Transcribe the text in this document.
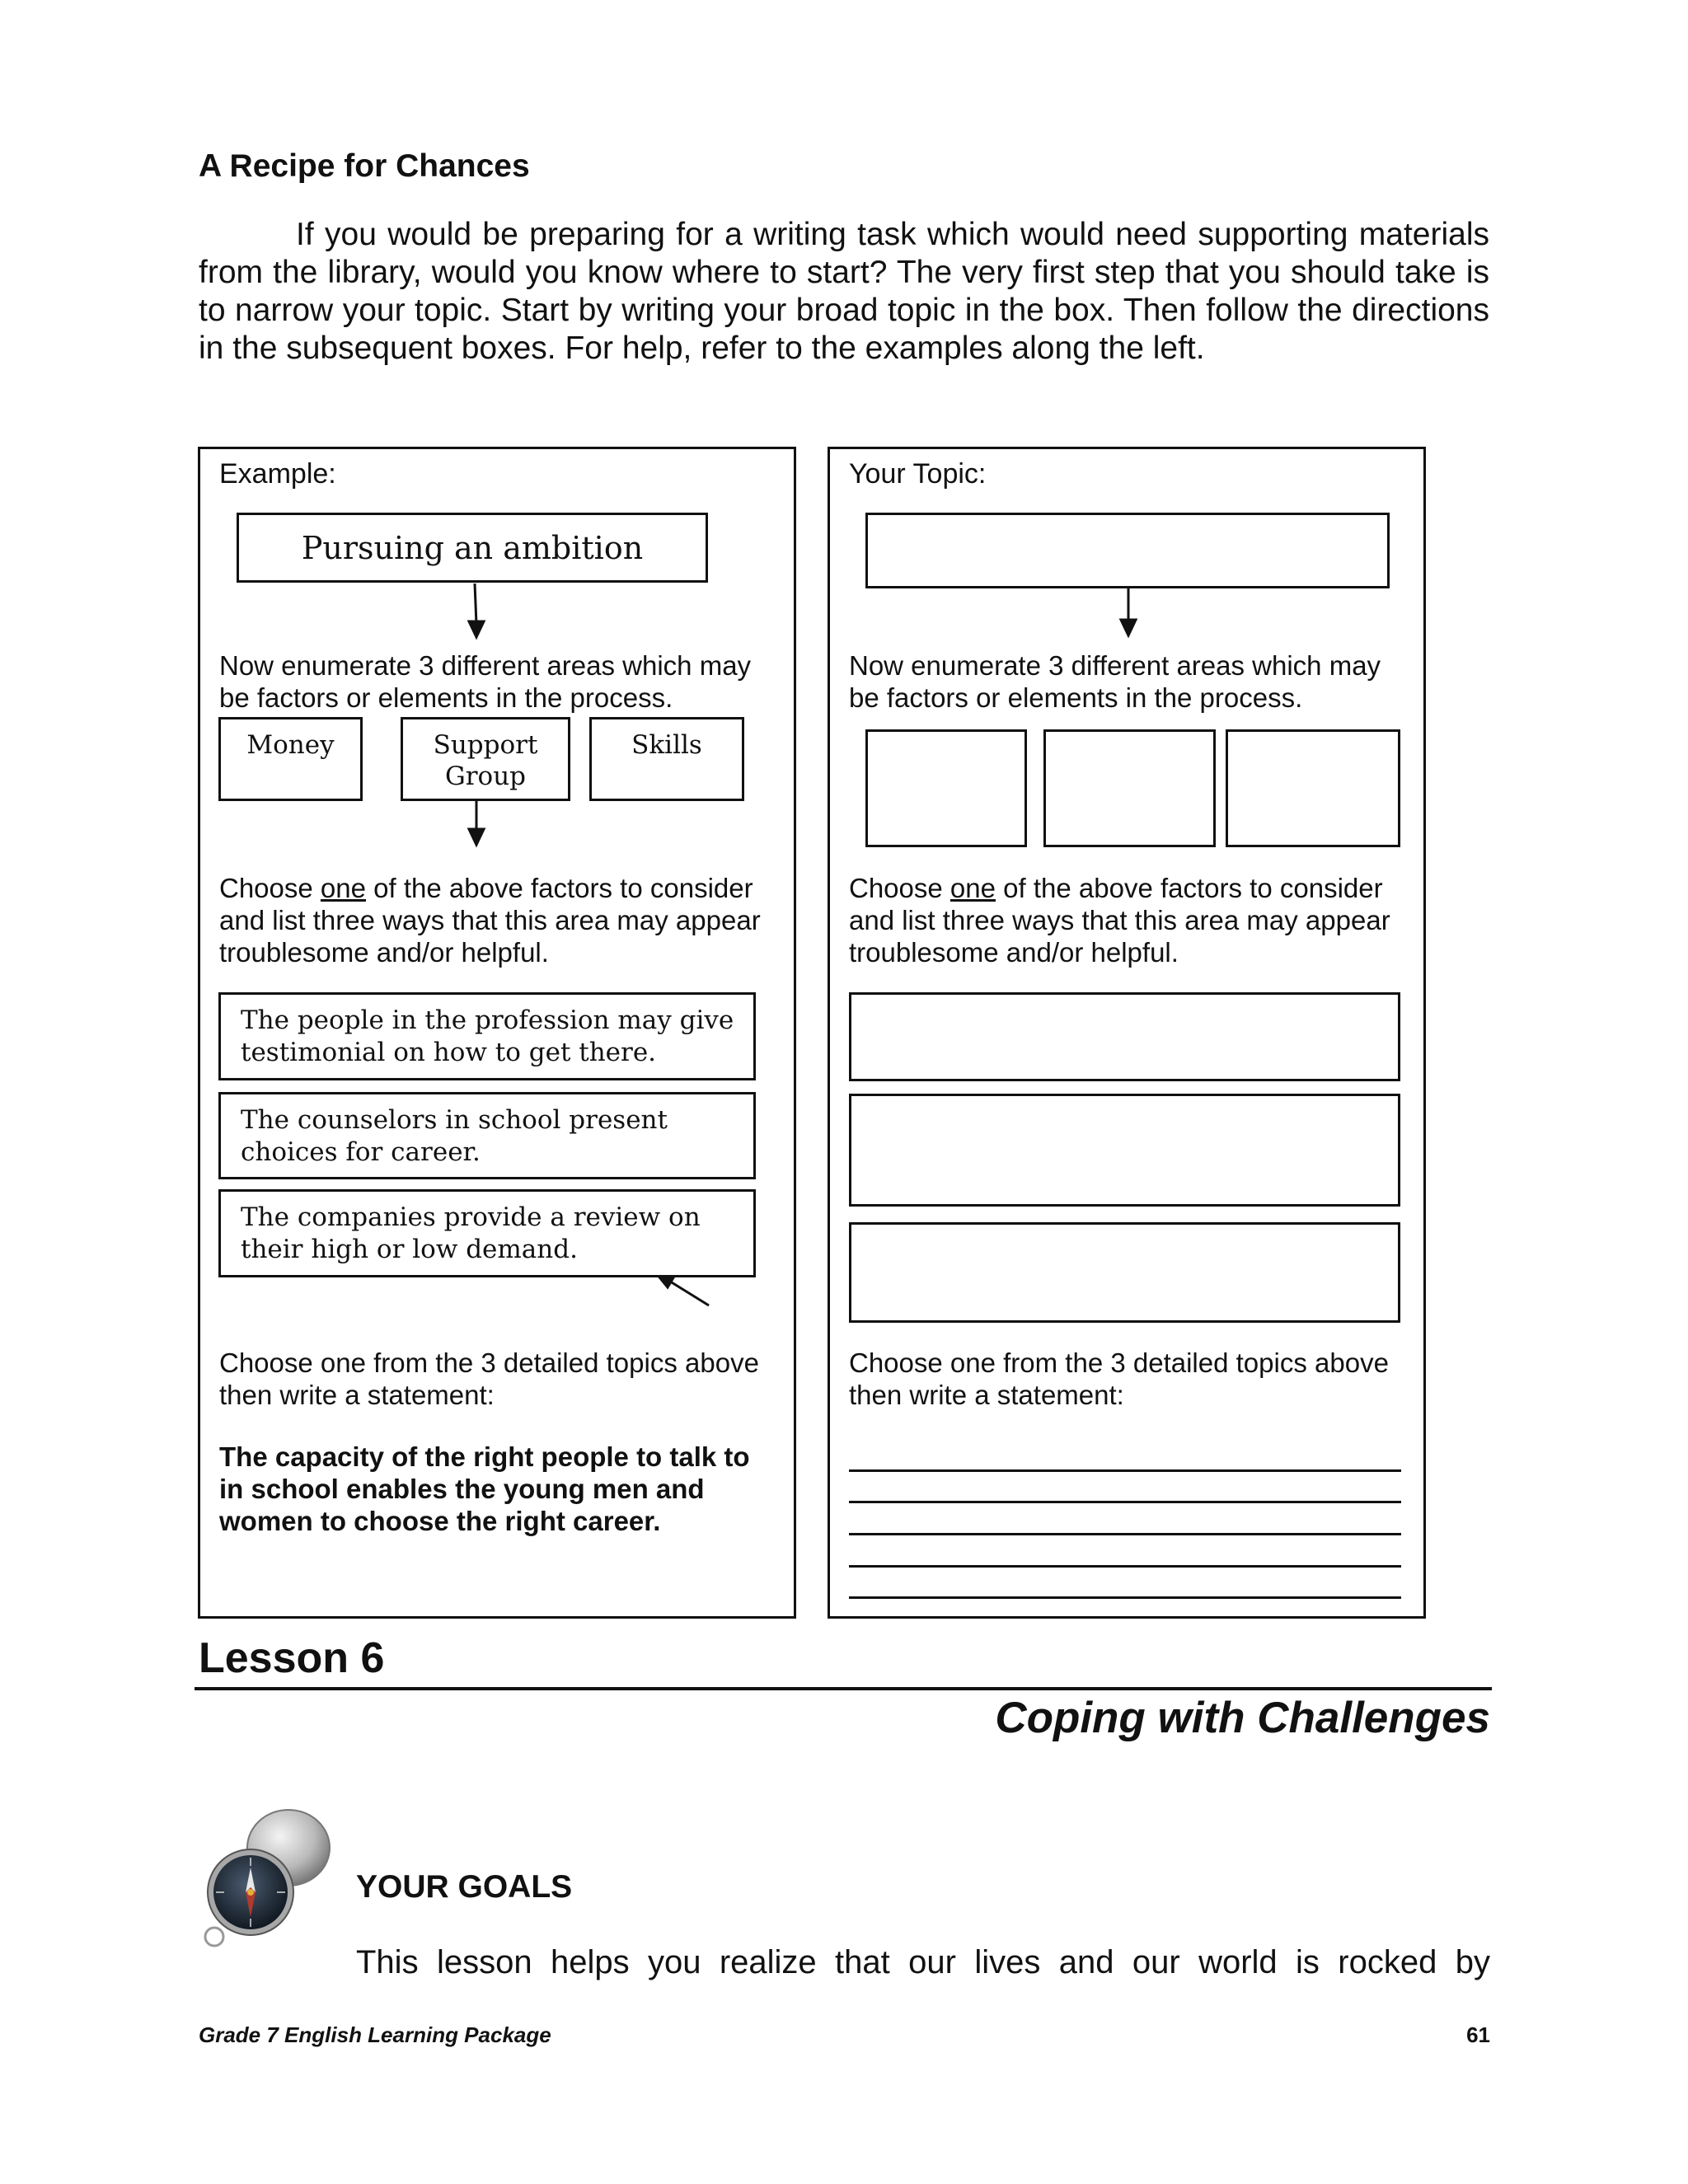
A Recipe for Chances

If you would be preparing for a writing task which would need supporting materials from the library, would you know where to start? The very first step that you should take is to narrow your topic. Start by writing your broad topic in the box. Then follow the directions in the subsequent boxes. For help, refer to the examples along the left.

Example:
Pursuing an ambition
Now enumerate 3 different areas which may be factors or elements in the process.
Money	Support Group
Skills
Choose one of the above factors to consider and list three ways that this area may appear troublesome and/or helpful.
The people in the profession may give testimonial on how to get there.
The counselors in school present choices for career.
The companies provide a review on their high or low demand.
Choose one from the 3 detailed topics above then write a statement:
The capacity of the right people to talk to in school enables the young men and women to choose the right career.
Your Topic:
Now enumerate 3 different areas which may be factors or elements in the process.
Choose one of the above factors to consider and list three ways that this area may appear troublesome and/or helpful.
Choose one from the 3 detailed topics above then write a statement:
Lesson 6
Coping with Challenges
YOUR GOALS
This lesson helps you realize that our lives and our world is rocked by
Grade 7 English Learning Package	61
